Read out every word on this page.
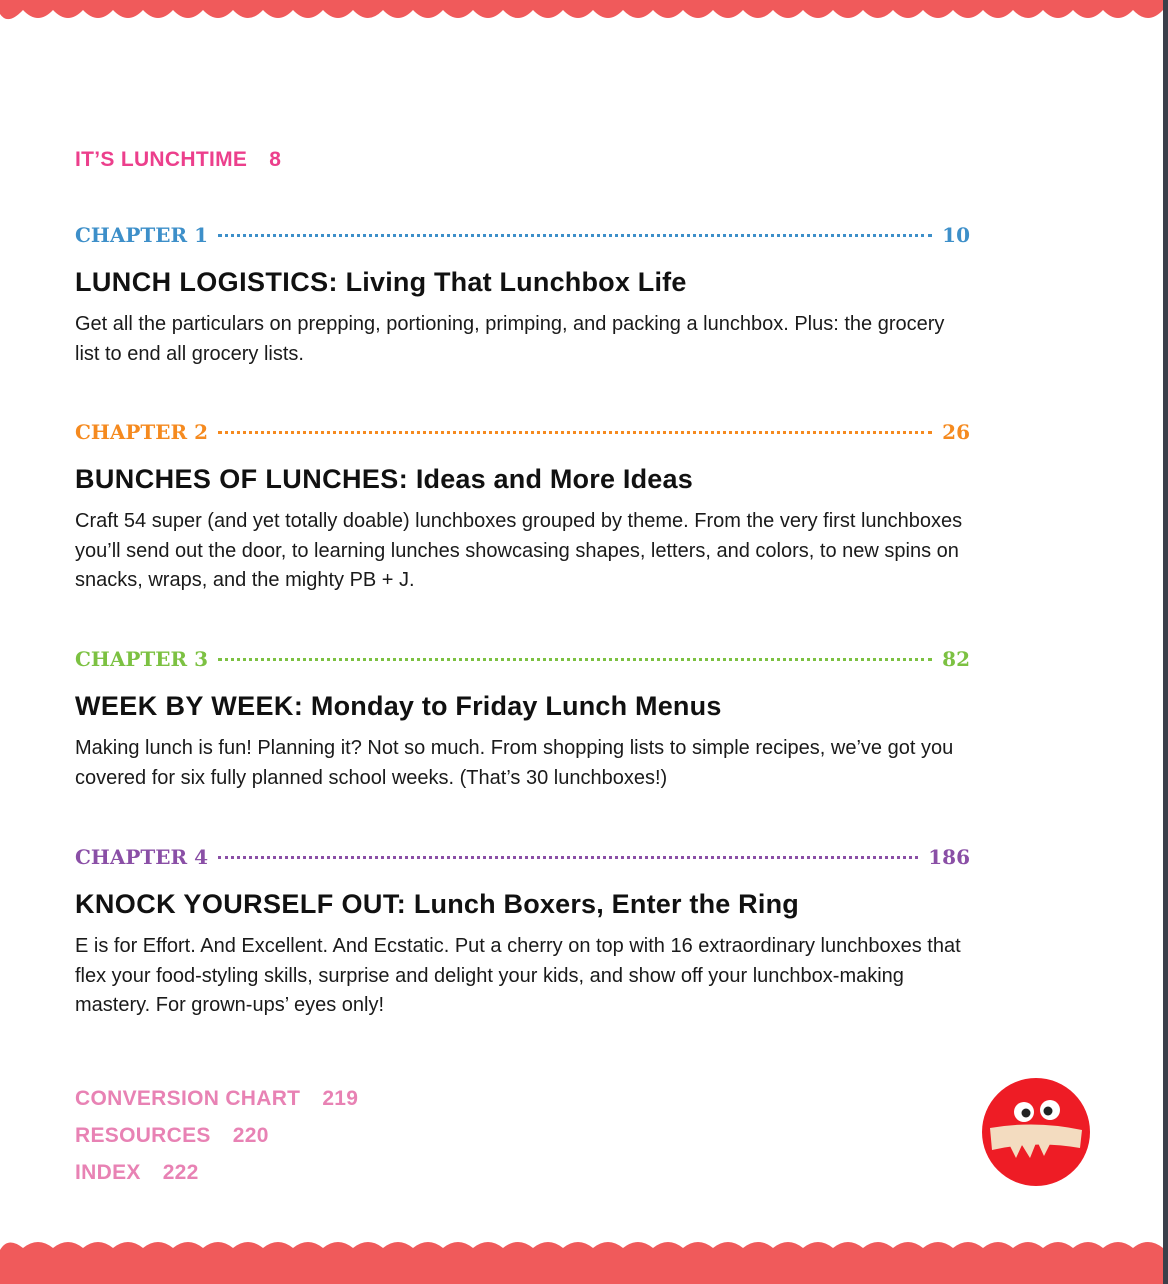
IT’S LUNCHTIME 8
CHAPTER 1	10
LUNCH LOGISTICS: Living That Lunchbox Life
Get all the particulars on prepping, portioning, primping, and packing a lunchbox. Plus: the grocery list to end all grocery lists.
CHAPTER 2	26
BUNCHES OF LUNCHES: Ideas and More Ideas
Craft 54 super (and yet totally doable) lunchboxes grouped by theme. From the very first lunchboxes you’ll send out the door, to learning lunches showcasing shapes, letters, and colors, to new spins on snacks, wraps, and the mighty PB + J.
CHAPTER 3	82
WEEK BY WEEK: Monday to Friday Lunch Menus
Making lunch is fun! Planning it? Not so much. From shopping lists to simple recipes, we’ve got you covered for six fully planned school weeks. (That’s 30 lunchboxes!)
CHAPTER 4	186
KNOCK YOURSELF OUT: Lunch Boxers, Enter the Ring
E is for Effort. And Excellent. And Ecstatic. Put a cherry on top with 16 extraordinary lunchboxes that flex your food-styling skills, surprise and delight your kids, and show off your lunchbox-making mastery. For grown-ups’ eyes only!
CONVERSION CHART 219
RESOURCES 220
INDEX 222
